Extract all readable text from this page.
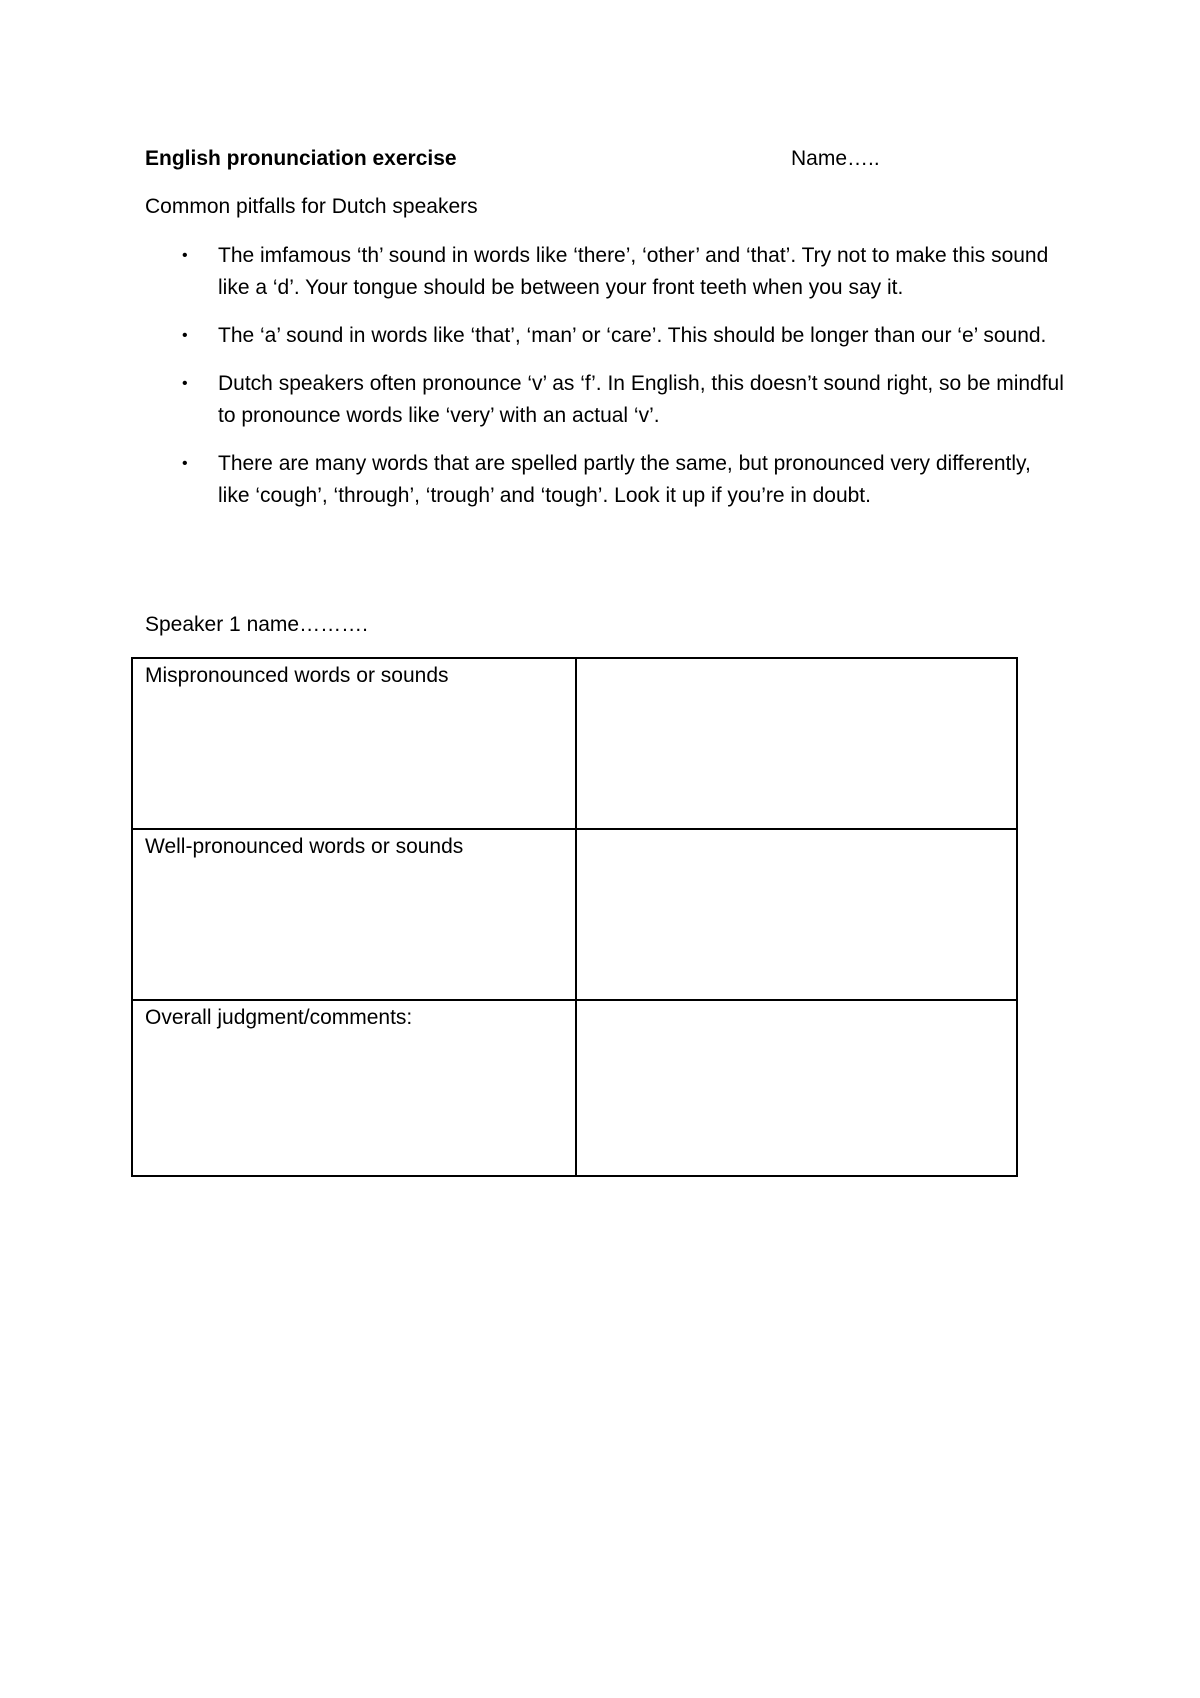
English pronunciation exercise	Name…..
Common pitfalls for Dutch speakers
• The imfamous ‘th’ sound in words like ‘there’, ‘other’ and ‘that’. Try not to make this sound like a ‘d’. Your tongue should be between your front teeth when you say it.
• The ‘a’ sound in words like ‘that’, ‘man’ or ‘care’. This should be longer than our ‘e’ sound.
• Dutch speakers often pronounce ‘v’ as ‘f’. In English, this doesn’t sound right, so be mindful to pronounce words like ‘very’ with an actual ‘v’.
• There are many words that are spelled partly the same, but pronounced very differently, like ‘cough’, ‘through’, ‘trough’ and ‘tough’. Look it up if you’re in doubt.
Speaker 1 name……….
Mispronounced words or sounds	
Well-pronounced words or sounds	
Overall judgment/comments:	
